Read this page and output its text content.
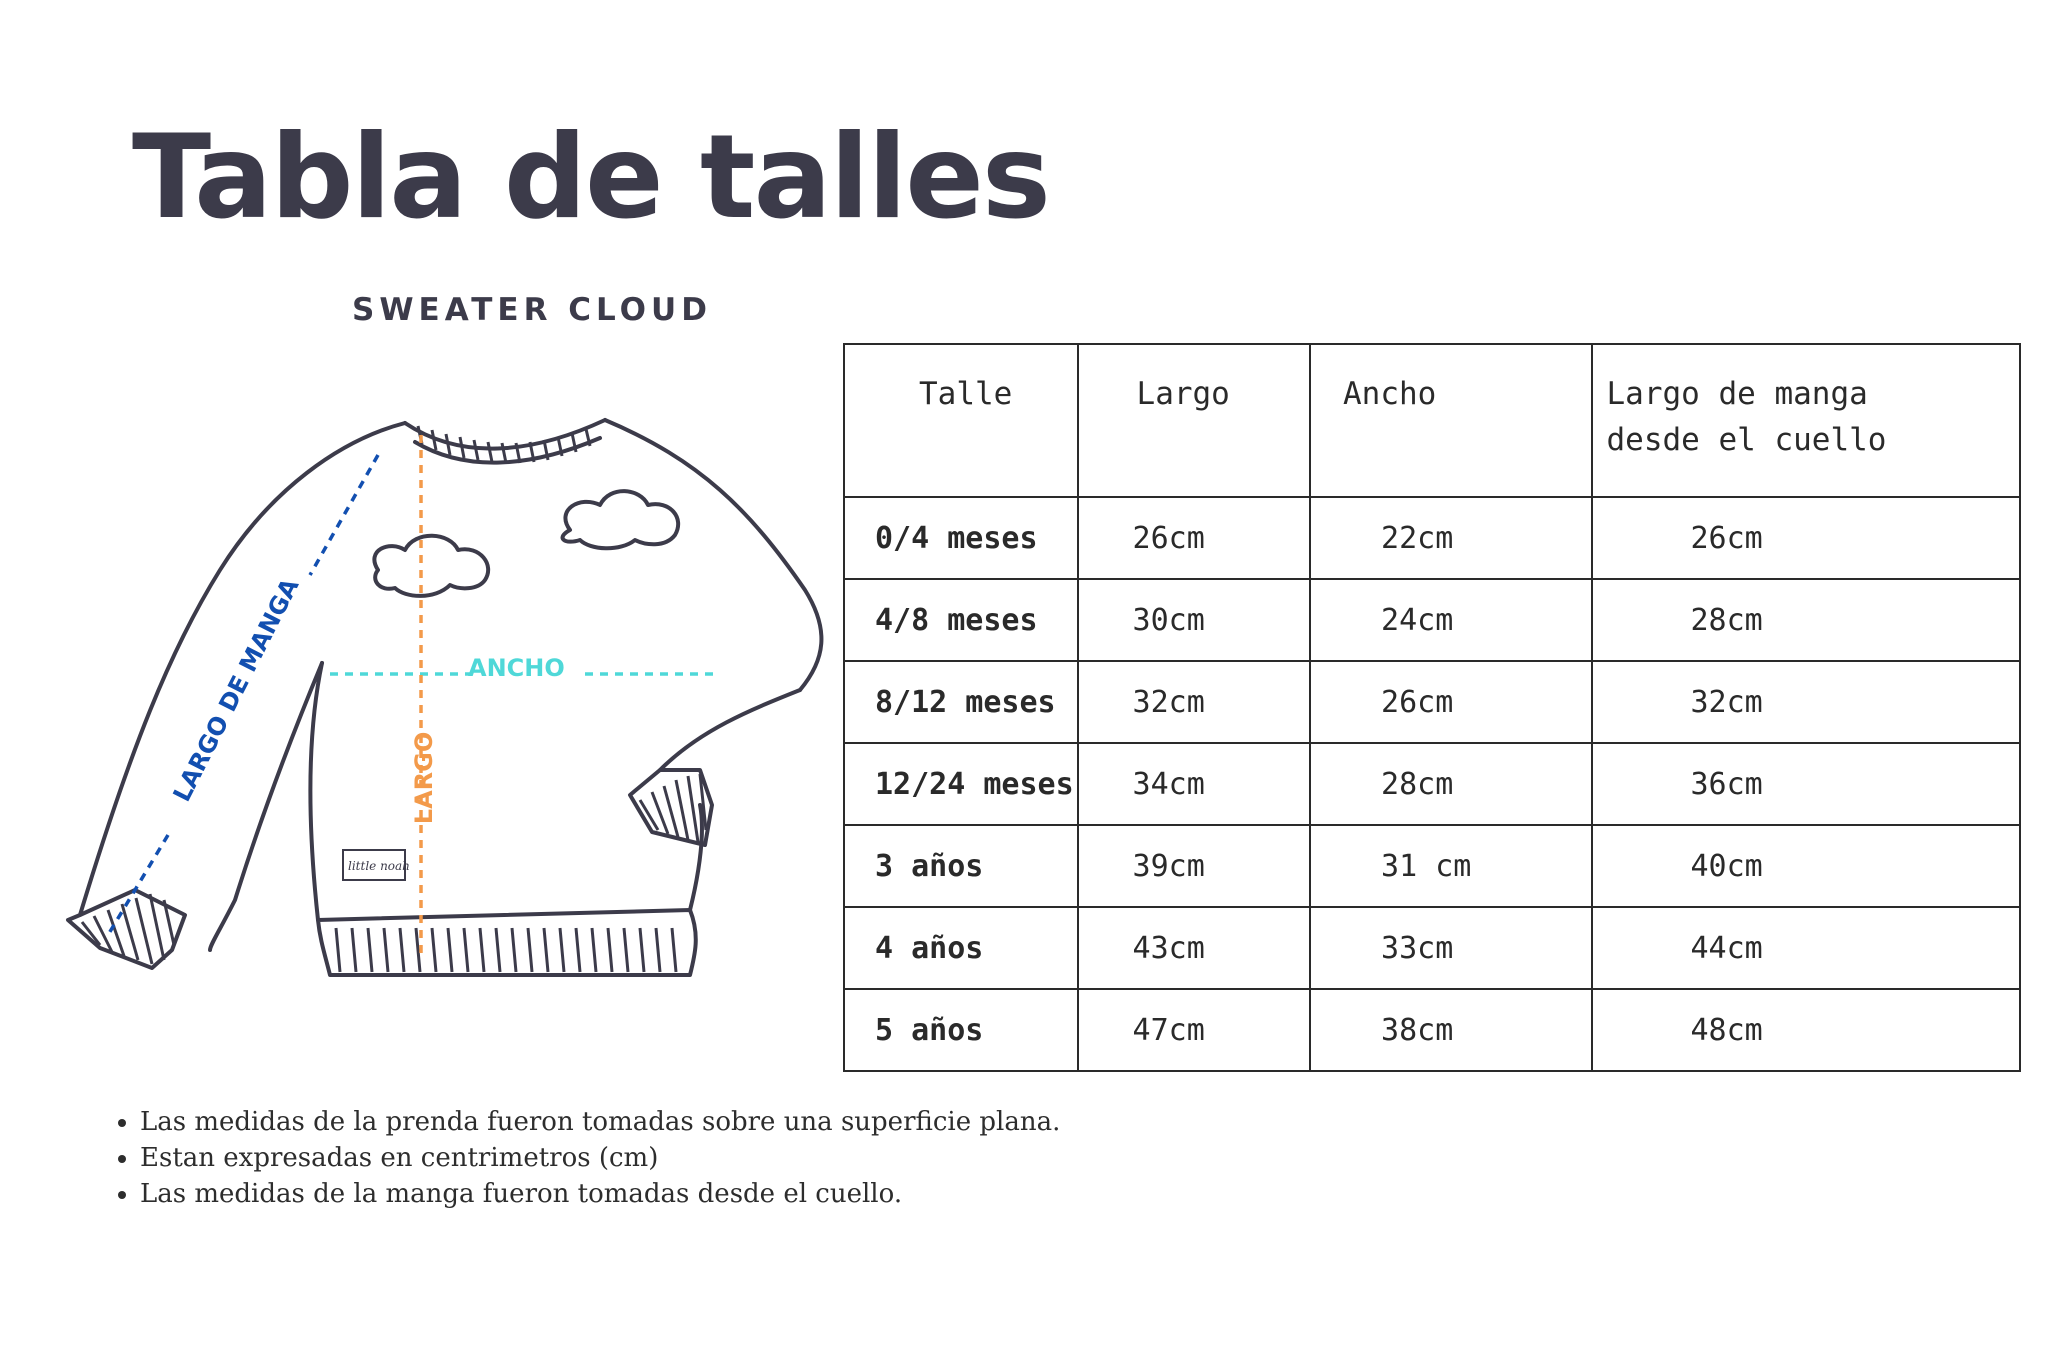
Tabla de talles
SWEATER CLOUD
little noah
ANCHO
LARGO
LARGO DE MANGA
Talle	Largo	Ancho	Largo de manga
desde el cuello
0/4 meses	26cm	22cm	26cm
4/8 meses	30cm	24cm	28cm
8/12 meses	32cm	26cm	32cm
12/24 meses	34cm	28cm	36cm
3 años	39cm	31 cm	40cm
4 años	43cm	33cm	44cm
5 años	47cm	38cm	48cm
Las medidas de la prenda fueron tomadas sobre una superficie plana.
Estan expresadas en centrimetros (cm)
Las medidas de la manga fueron tomadas desde el cuello.
